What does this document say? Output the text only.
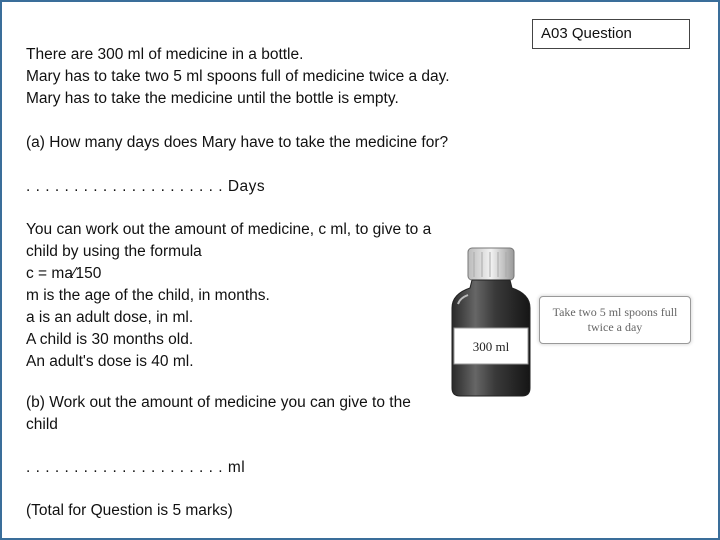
A03 Question
There are 300 ml of medicine in a bottle.
Mary has to take two 5 ml spoons full of medicine twice a day.
Mary has to take the medicine until the bottle is empty.
(a) How many days does Mary have to take the medicine for?
. . . . . . . . . . . . . . . . . . . . . Days
You can work out the amount of medicine, c ml, to give to a
child by using the formula
c = ma⁄150
m is the age of the child, in months.
a is an adult dose, in ml.
A child is 30 months old.
An adult's dose is 40 ml.
(b) Work out the amount of medicine you can give to the
child
. . . . . . . . . . . . . . . . . . . . . ml
(Total for Question is 5 marks)
300 ml
Take two 5 ml spoons full
twice a day
